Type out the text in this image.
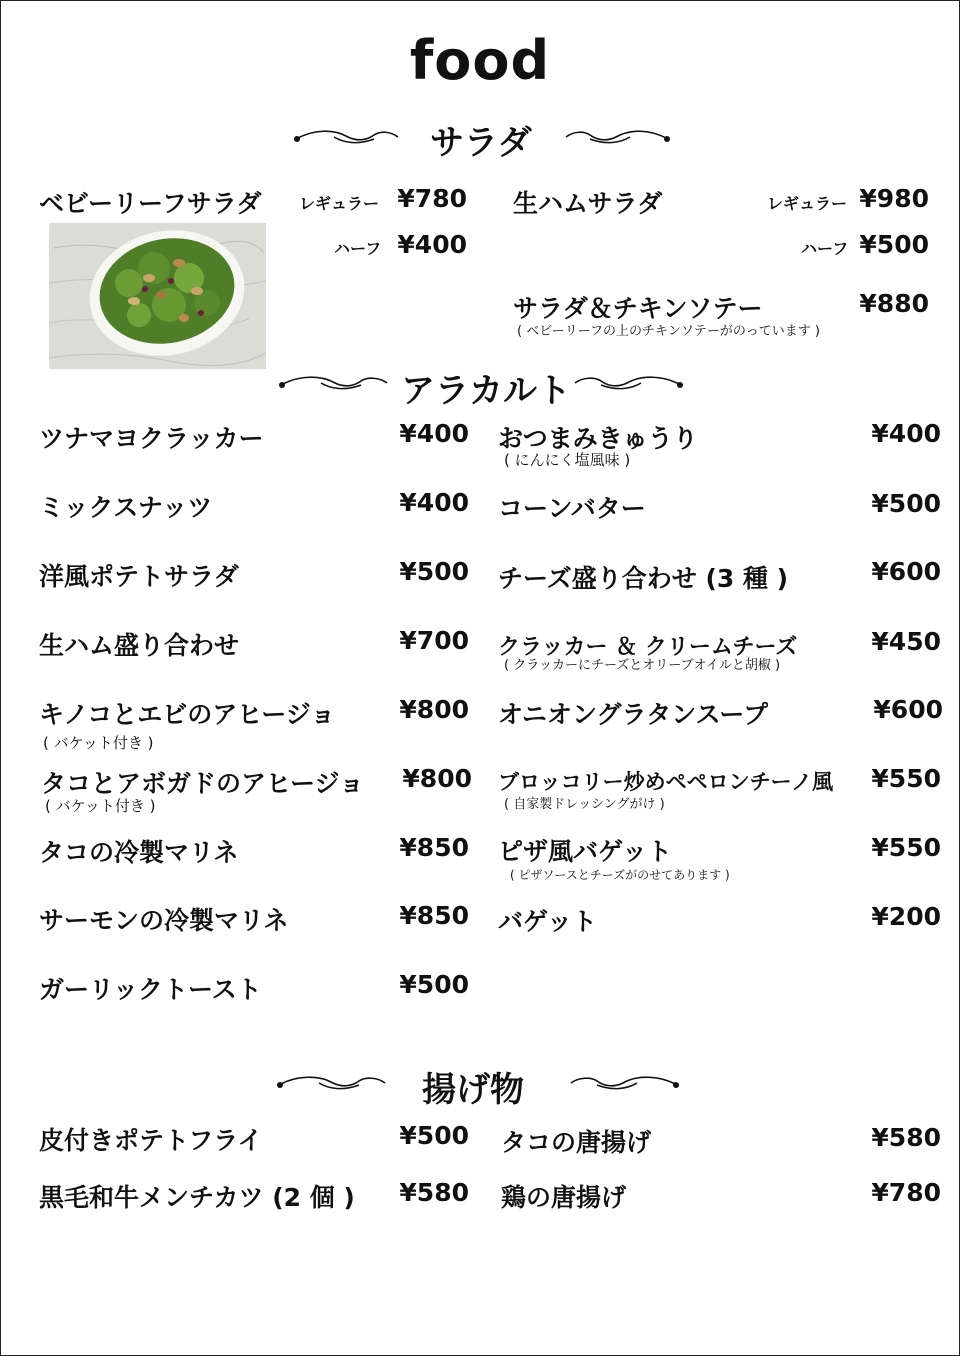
food
サラダ
ベビーリーフサラダ レギュラー ¥780
ハーフ ¥400
生ハムサラダ	レギュラー ¥980
ハーフ ¥500
サラダ＆チキンソテー	¥880
( ベビーリーフの上のチキンソテーがのっています )
アラカルト
ツナマヨクラッカー	¥400
ミックスナッツ	¥400
洋風ポテトサラダ	¥500
生ハム盛り合わせ	¥700
キノコとエビのアヒージョ	¥800
( バケット付き )
タコとアボガドのアヒージョ ¥800
( バケット付き )
タコの冷製マリネ	¥850
サーモンの冷製マリネ	¥850
ガーリックトースト	¥500
おつまみきゅうり	¥400
( にんにく塩風味 )
コーンバター	¥500
チーズ盛り合わせ (3 種 )	¥600
クラッカー ＆ クリームチーズ	¥450
( クラッカーにチーズとオリーブオイルと胡椒 )
オニオングラタンスープ	¥600
ブロッコリー炒めペペロンチーノ風 ¥550
( 自家製ドレッシングがけ )
ピザ風バゲット	¥550
( ピザソースとチーズがのせてあります )
バゲット	¥200
揚げ物
皮付きポテトフライ	¥500
黒毛和牛メンチカツ (2 個 ) ¥580
タコの唐揚げ	¥580
鶏の唐揚げ	¥780
